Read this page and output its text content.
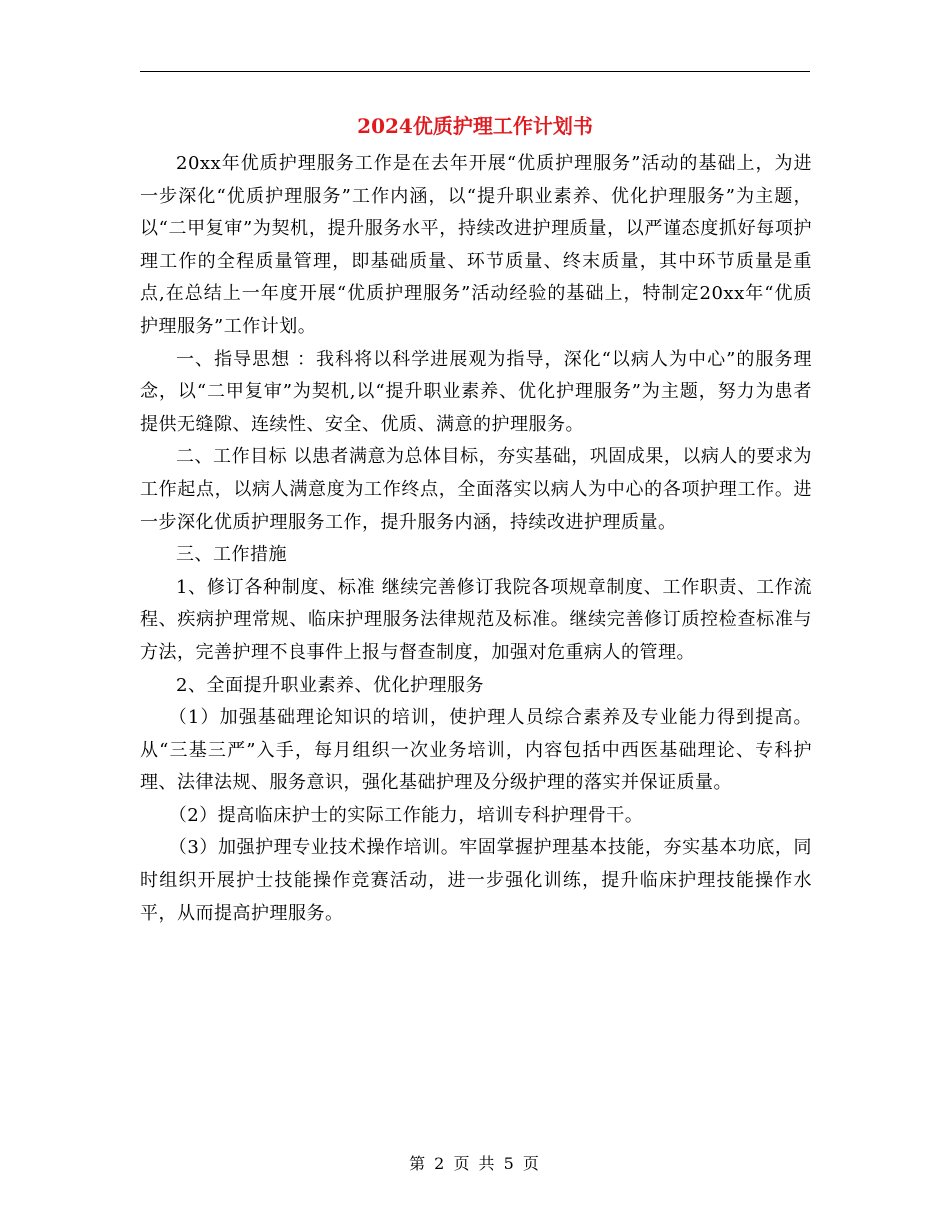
2024优质护理工作计划书

20xx年优质护理服务工作是在去年开展“优质护理服务”活动的基础上，为进一步深化“优质护理服务”工作内涵，以“提升职业素养、优化护理服务”为主题，以“二甲复审”为契机，提升服务水平，持续改进护理质量，以严谨态度抓好每项护理工作的全程质量管理，即基础质量、环节质量、终末质量，其中环节质量是重点,在总结上一年度开展“优质护理服务”活动经验的基础上，特制定20xx年“优质护理服务”工作计划。

一、指导思想 ：我科将以科学进展观为指导，深化“以病人为中心”的服务理念，以“二甲复审”为契机,以“提升职业素养、优化护理服务”为主题，努力为患者提供无缝隙、连续性、安全、优质、满意的护理服务。

二、工作目标 以患者满意为总体目标，夯实基础，巩固成果，以病人的要求为工作起点，以病人满意度为工作终点，全面落实以病人为中心的各项护理工作。进一步深化优质护理服务工作，提升服务内涵，持续改进护理质量。

三、工作措施

1、修订各种制度、标准 继续完善修订我院各项规章制度、工作职责、工作流程、疾病护理常规、临床护理服务法律规范及标准。继续完善修订质控检查标准与方法，完善护理不良事件上报与督查制度，加强对危重病人的管理。

2、全面提升职业素养、优化护理服务

（1）加强基础理论知识的培训，使护理人员综合素养及专业能力得到提高。从“三基三严”入手，每月组织一次业务培训，内容包括中西医基础理论、专科护理、法律法规、服务意识，强化基础护理及分级护理的落实并保证质量。

（2）提高临床护士的实际工作能力，培训专科护理骨干。

（3）加强护理专业技术操作培训。牢固掌握护理基本技能，夯实基本功底，同时组织开展护士技能操作竞赛活动，进一步强化训练，提升临床护理技能操作水平，从而提高护理服务。

第 2 页 共 5 页
